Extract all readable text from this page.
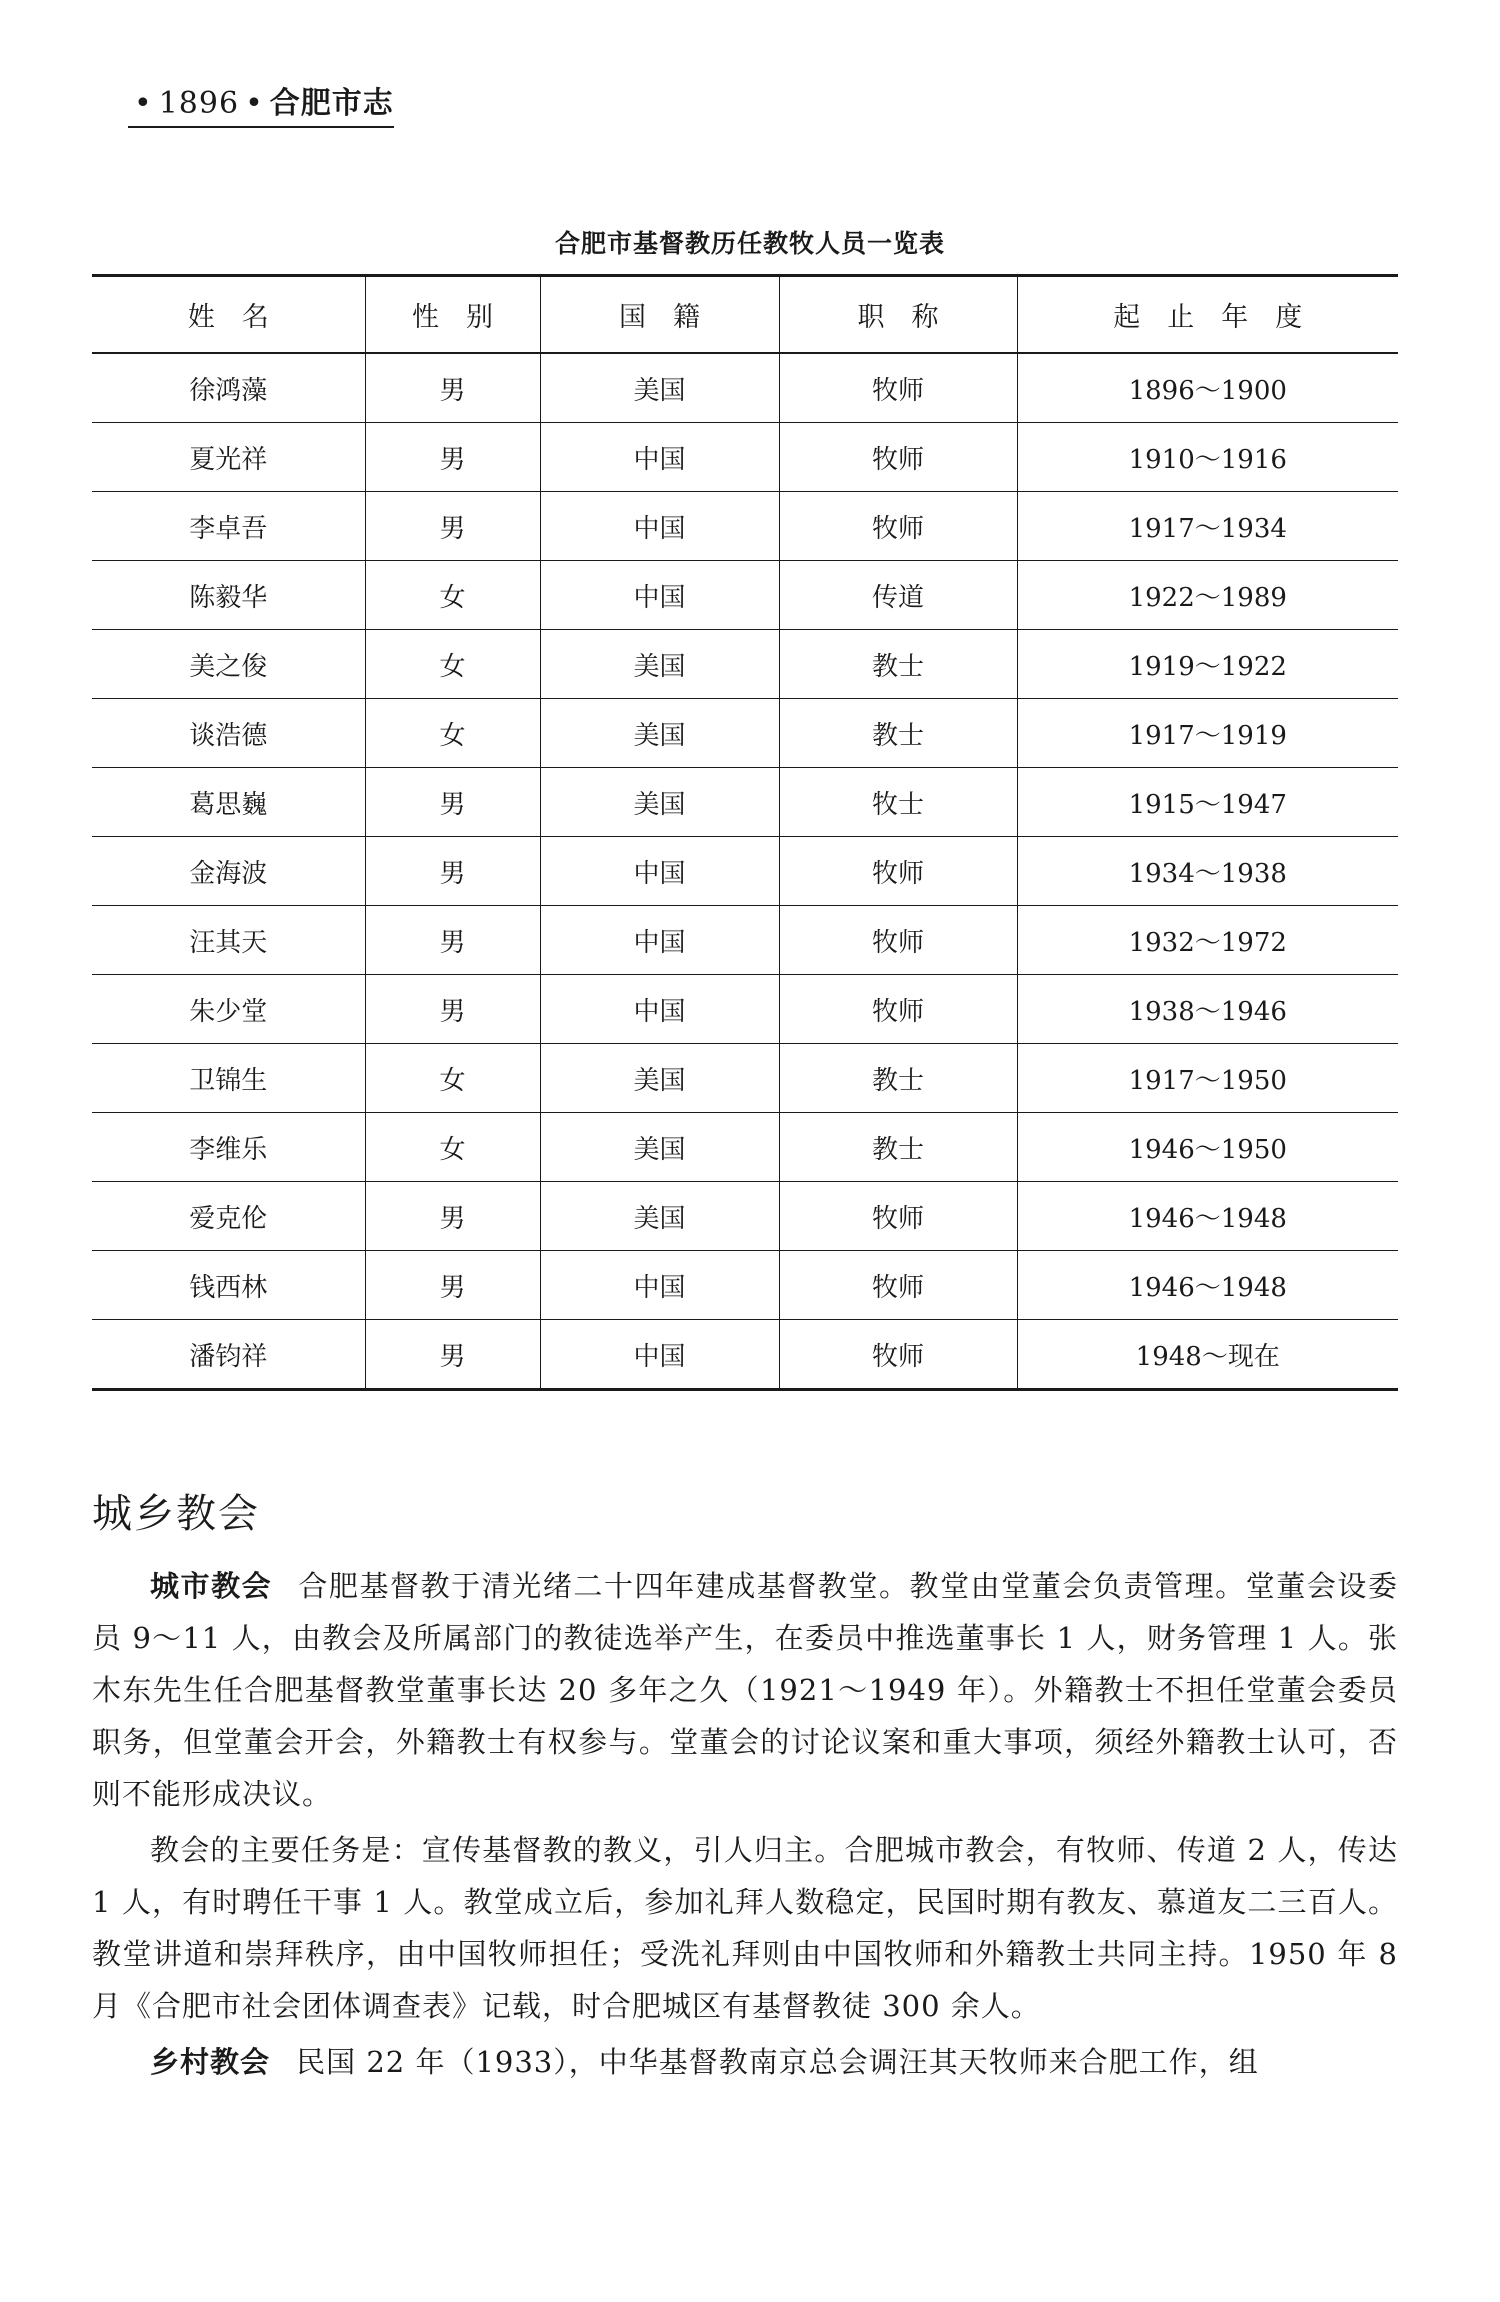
• 1896 • 合肥市志
合肥市基督教历任教牧人员一览表
姓　名	性　别	国　籍	职　称	起　止　年　度
徐鸿藻	男	美国	牧师	1896～1900
夏光祥	男	中国	牧师	1910～1916
李卓吾	男	中国	牧师	1917～1934
陈毅华	女	中国	传道	1922～1989
美之俊	女	美国	教士	1919～1922
谈浩德	女	美国	教士	1917～1919
葛思巍	男	美国	牧士	1915～1947
金海波	男	中国	牧师	1934～1938
汪其天	男	中国	牧师	1932～1972
朱少堂	男	中国	牧师	1938～1946
卫锦生	女	美国	教士	1917～1950
李维乐	女	美国	教士	1946～1950
爱克伦	男	美国	牧师	1946～1948
钱西林	男	中国	牧师	1946～1948
潘钧祥	男	中国	牧师	1948～现在
城乡教会

城市教会 合肥基督教于清光绪二十四年建成基督教堂。教堂由堂董会负责管理。堂董会设委员 9～11 人，由教会及所属部门的教徒选举产生，在委员中推选董事长 1 人，财务管理 1 人。张木东先生任合肥基督教堂董事长达 20 多年之久（1921～1949 年）。外籍教士不担任堂董会委员职务，但堂董会开会，外籍教士有权参与。堂董会的讨论议案和重大事项，须经外籍教士认可，否则不能形成决议。

教会的主要任务是：宣传基督教的教义，引人归主。合肥城市教会，有牧师、传道 2 人，传达 1 人，有时聘任干事 1 人。教堂成立后，参加礼拜人数稳定，民国时期有教友、慕道友二三百人。教堂讲道和崇拜秩序，由中国牧师担任；受洗礼拜则由中国牧师和外籍教士共同主持。1950 年 8 月《合肥市社会团体调查表》记载，时合肥城区有基督教徒 300 余人。

乡村教会 民国 22 年（1933），中华基督教南京总会调汪其天牧师来合肥工作，组
